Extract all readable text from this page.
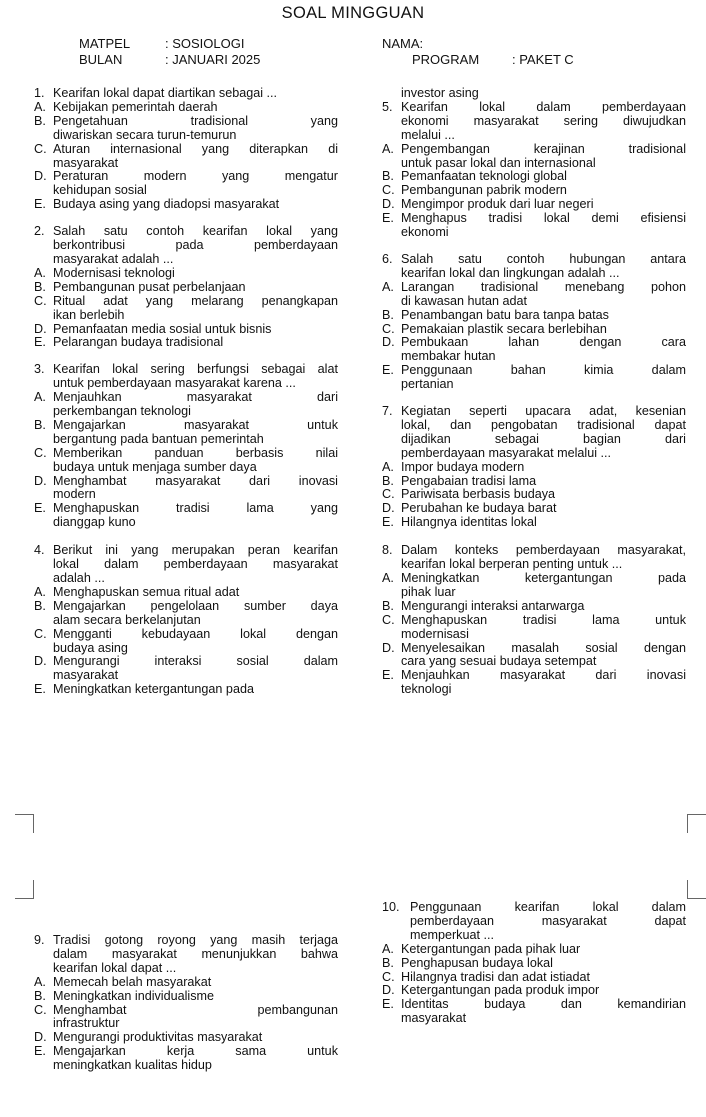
SOAL MINGGUAN
MATPEL	: SOSIOLOGI
BULAN	: JANUARI 2025
NAMA:
PROGRAM	: PAKET C
1. Kearifan lokal dapat diartikan sebagai ...
A. Kebijakan pemerintah daerah
B. Pengetahuan tradisional yang
diwariskan secara turun-temurun
C. Aturan internasional yang diterapkan di
masyarakat
D. Peraturan modern yang mengatur
kehidupan sosial
E. Budaya asing yang diadopsi masyarakat
2. Salah satu contoh kearifan lokal yang
berkontribusi pada pemberdayaan
masyarakat adalah ...
A. Modernisasi teknologi
B. Pembangunan pusat perbelanjaan
C. Ritual adat yang melarang penangkapan
ikan berlebih
D. Pemanfaatan media sosial untuk bisnis
E. Pelarangan budaya tradisional
3. Kearifan lokal sering berfungsi sebagai alat
untuk pemberdayaan masyarakat karena ...
A. Menjauhkan masyarakat dari
perkembangan teknologi
B. Mengajarkan masyarakat untuk
bergantung pada bantuan pemerintah
C. Memberikan panduan berbasis nilai
budaya untuk menjaga sumber daya
D. Menghambat masyarakat dari inovasi
modern
E. Menghapuskan tradisi lama yang
dianggap kuno
4. Berikut ini yang merupakan peran kearifan
lokal dalam pemberdayaan masyarakat
adalah ...
A. Menghapuskan semua ritual adat
B. Mengajarkan pengelolaan sumber daya
alam secara berkelanjutan
C. Mengganti kebudayaan lokal dengan
budaya asing
D. Mengurangi interaksi sosial dalam
masyarakat
E. Meningkatkan ketergantungan pada
investor asing
5. Kearifan lokal dalam pemberdayaan
ekonomi masyarakat sering diwujudkan
melalui ...
A. Pengembangan kerajinan tradisional
untuk pasar lokal dan internasional
B. Pemanfaatan teknologi global
C. Pembangunan pabrik modern
D. Mengimpor produk dari luar negeri
E. Menghapus tradisi lokal demi efisiensi
ekonomi
6. Salah satu contoh hubungan antara
kearifan lokal dan lingkungan adalah ...
A. Larangan tradisional menebang pohon
di kawasan hutan adat
B. Penambangan batu bara tanpa batas
C. Pemakaian plastik secara berlebihan
D. Pembukaan lahan dengan cara
membakar hutan
E. Penggunaan bahan kimia dalam
pertanian
7. Kegiatan seperti upacara adat, kesenian
lokal, dan pengobatan tradisional dapat
dijadikan sebagai bagian dari
pemberdayaan masyarakat melalui ...
A. Impor budaya modern
B. Pengabaian tradisi lama
C. Pariwisata berbasis budaya
D. Perubahan ke budaya barat
E. Hilangnya identitas lokal
8. Dalam konteks pemberdayaan masyarakat,
kearifan lokal berperan penting untuk ...
A. Meningkatkan ketergantungan pada
pihak luar
B. Mengurangi interaksi antarwarga
C. Menghapuskan tradisi lama untuk
modernisasi
D. Menyelesaikan masalah sosial dengan
cara yang sesuai budaya setempat
E. Menjauhkan masyarakat dari inovasi
teknologi
9. Tradisi gotong royong yang masih terjaga
dalam masyarakat menunjukkan bahwa
kearifan lokal dapat ...
A. Memecah belah masyarakat
B. Meningkatkan individualisme
C. Menghambat pembangunan
infrastruktur
D. Mengurangi produktivitas masyarakat
E. Mengajarkan kerja sama untuk
meningkatkan kualitas hidup
10. Penggunaan kearifan lokal dalam
pemberdayaan masyarakat dapat
memperkuat ...
A. Ketergantungan pada pihak luar
B. Penghapusan budaya lokal
C. Hilangnya tradisi dan adat istiadat
D. Ketergantungan pada produk impor
E. Identitas budaya dan kemandirian
masyarakat
